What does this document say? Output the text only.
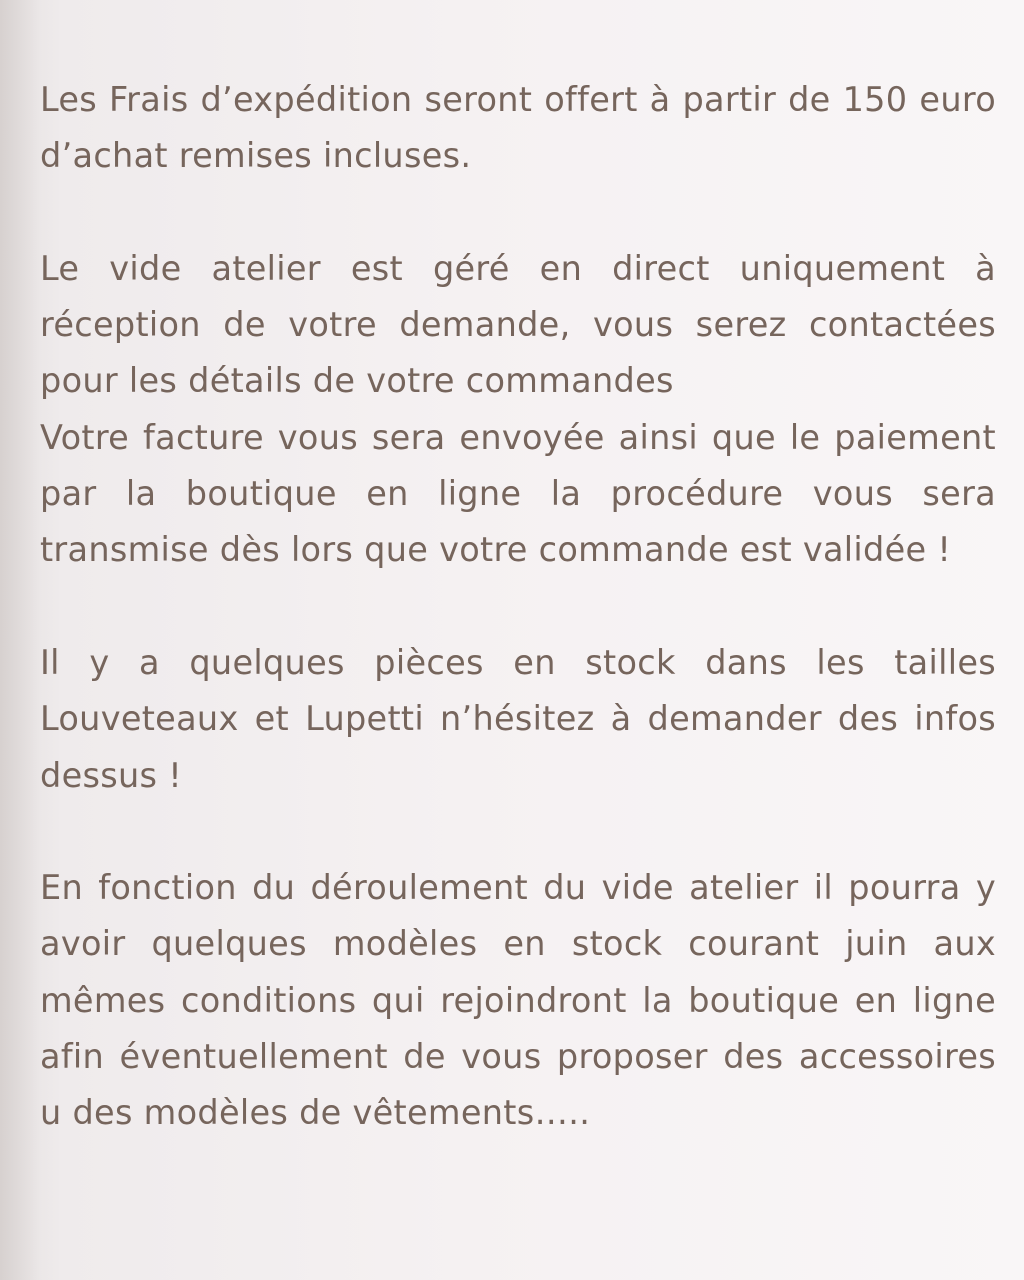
Les Frais d’expédition seront offert à partir de 150 euro d’achat remises incluses.

Le vide atelier est géré en direct uniquement à réception de votre demande, vous serez contactées pour les détails de votre commandes

Votre facture vous sera envoyée ainsi que le paiement par la boutique en ligne la procédure vous sera transmise dès lors que votre commande est validée !

Il y a quelques pièces en stock dans les tailles Louveteaux et Lupetti n’hésitez à demander des infos dessus !

En fonction du déroulement du vide atelier il pourra y avoir quelques modèles en stock courant juin aux mêmes conditions qui rejoindront la boutique en ligne afin éventuellement de vous proposer des accessoires u des modèles de vêtements…..
